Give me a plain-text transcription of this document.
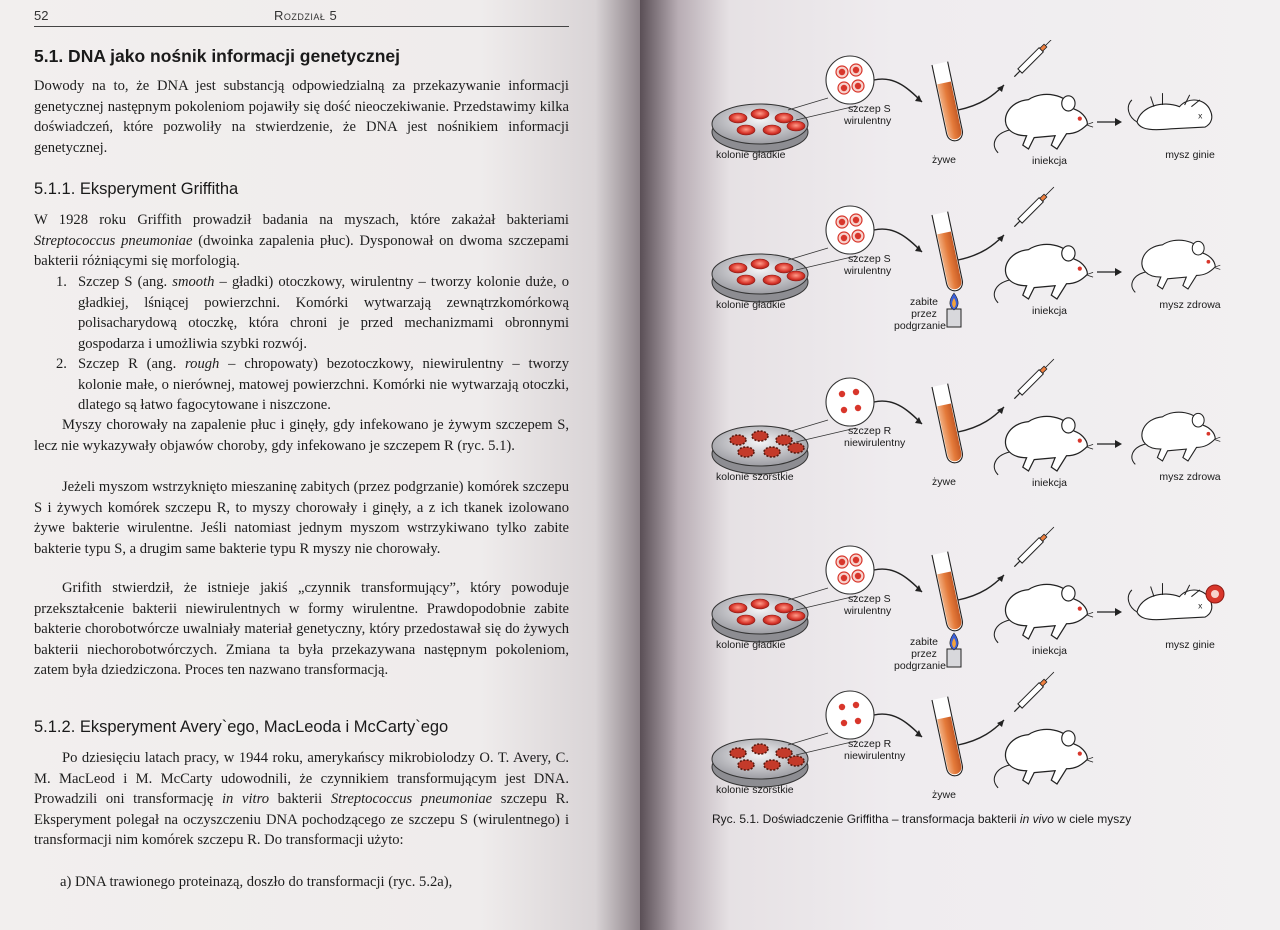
52	Rozdział 5
5.1. DNA jako nośnik informacji genetycznej
Dowody na to, że DNA jest substancją odpowiedzialną za przekazywanie informacji genetycznej następnym pokoleniom pojawiły się dość nieoczekiwanie. Przedstawimy kilka doświadczeń, które pozwoliły na stwierdzenie, że DNA jest nośnikiem informacji genetycznej.
5.1.1. Eksperyment Griffitha
W 1928 roku Griffith prowadził badania na myszach, które zakażał bakteriami Streptococcus pneumoniae (dwoinka zapalenia płuc). Dysponował on dwoma szczepami bakterii różniącymi się morfologią.
1. Szczep S (ang. smooth – gładki) otoczkowy, wirulentny – tworzy kolonie duże, o gładkiej, lśniącej powierzchni. Komórki wytwarzają zewnątrzkomórkową polisacharydową otoczkę, która chroni je przed mechanizmami obronnymi gospodarza i umożliwia szybki rozwój.
2. Szczep R (ang. rough – chropowaty) bezotoczkowy, niewirulentny – tworzy kolonie małe, o nierównej, matowej powierzchni. Komórki nie wytwarzają otoczki, dlatego są łatwo fagocytowane i niszczone.
Myszy chorowały na zapalenie płuc i ginęły, gdy infekowano je żywym szczepem S, lecz nie wykazywały objawów choroby, gdy infekowano je szczepem R (ryc. 5.1).
Jeżeli myszom wstrzyknięto mieszaninę zabitych (przez podgrzanie) komórek szczepu S i żywych komórek szczepu R, to myszy chorowały i ginęły, a z ich tkanek izolowano żywe bakterie wirulentne. Jeśli natomiast jednym myszom wstrzykiwano tylko zabite bakterie typu S, a drugim same bakterie typu R myszy nie chorowały.
Grifith stwierdził, że istnieje jakiś „czynnik transformujący”, który powoduje przekształcenie bakterii niewirulentnych w formy wirulentne. Prawdopodobnie zabite bakterie chorobotwórcze uwalniały materiał genetyczny, który przedostawał się do żywych bakterii niechorobotwórczych. Zmiana ta była przekazywana następnym pokoleniom, zatem była dziedziczona. Proces ten nazwano transformacją.
5.1.2. Eksperyment Avery`ego, MacLeoda i McCarty`ego
Po dziesięciu latach pracy, w 1944 roku, amerykańscy mikrobiolodzy O. T. Avery, C. M. MacLeod i M. McCarty udowodnili, że czynnikiem transformującym jest DNA. Prowadzili oni transformację in vitro bakterii Streptococcus pneumoniae szczepu R. Eksperyment polegał na oczyszczeniu DNA pochodzącego ze szczepu S (wirulentnego) i transformacji nim komórek szczepu R. Do transformacji użyto:
a) DNA trawionego proteinazą, doszło do transformacji (ryc. 5.2a),
x
kolonie gładkie
szczep S
wirulentny
żywe	iniekcja	mysz ginie
kolonie gładkie
szczep S
wirulentny
zabite
przez
podgrzanie
iniekcja	mysz zdrowa
kolonie szorstkie
szczep R
niewirulentny
żywe	iniekcja	mysz zdrowa
kolonie gładkie
szczep S
wirulentny
zabite
przez
podgrzanie
iniekcja	mysz ginie
kolonie szorstkie
szczep R
niewirulentny
żywe
Ryc. 5.1. Doświadczenie Griffitha – transformacja bakterii in vivo w ciele myszy
